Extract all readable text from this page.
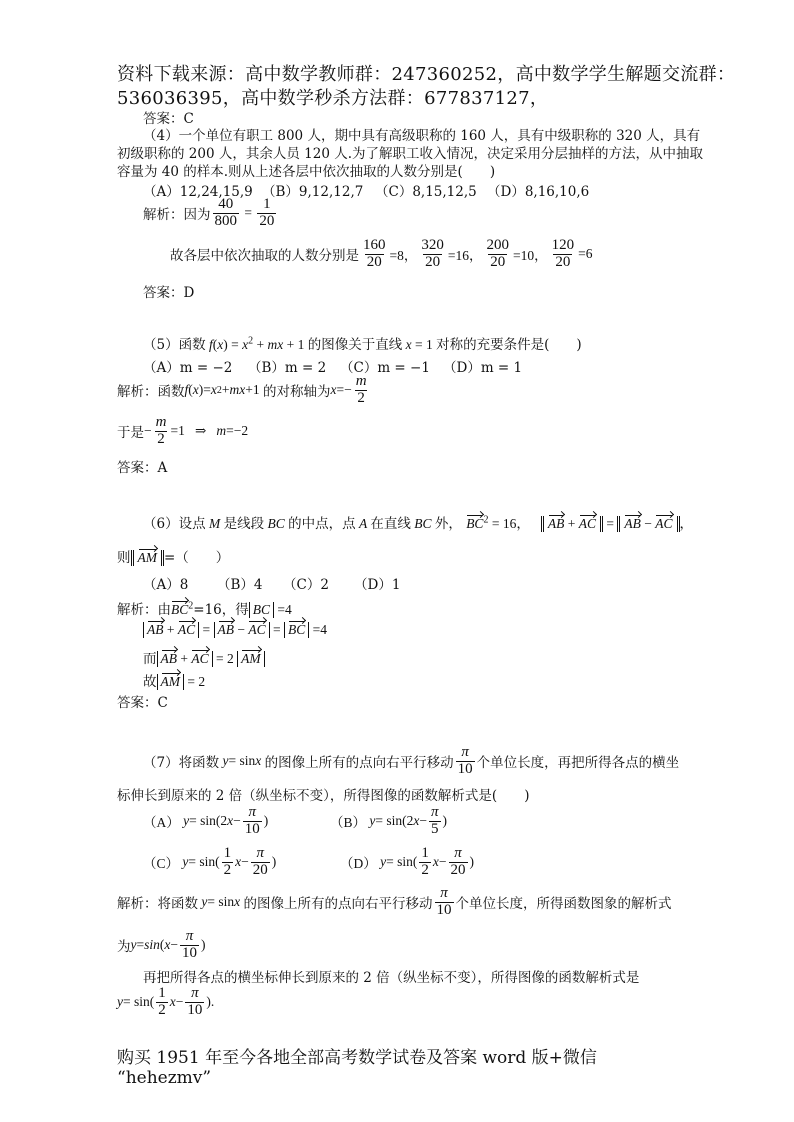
资料下载来源：高中数学教师群：247360252，高中数学学生解题交流群：
536036395，高中数学秒杀方法群：677837127，
答案：C
（4）一个单位有职工 800 人，期中具有高级职称的 160 人，具有中级职称的 320 人，具有
初级职称的 200 人，其余人员 120 人.为了解职工收入情况，决定采用分层抽样的方法，从中抽取
容量为 40 的样本.则从上述各层中依次抽取的人数分别是(　　)
（A）12,24,15,9 （B）9,12,12,7 （C）8,15,12,5 （D）8,16,10,6
解析：因为 $\frac{40}{800} = \frac{1}{20}$
故各层中依次抽取的人数分别是 $\frac{160}{20} =8$， $\frac{320}{20} =16$， $\frac{200}{20} =10$， $\frac{120}{20} =6$
答案：D
（5）函数 $f(x) = x^2$ + mx + 1 的图像关于直线 x = 1 对称的充要条件是(　　)
（A）m = −2 （B）m = 2 （C）m = −1 （D）m = 1
解析：函数 f ( x )= x 2 + mx +1 的对称轴为 $x =- \frac{m}{2}$
于是 − $\frac{m}{2} =1$   ⇒ m =−2
答案：A
（6）设点 M 是线段 BC 的中点，点 A 在直线 BC 外， $BC^2 = 16$，   AB + AC = AB − AC ，
则 AM =（　　）
（A）8 （B）4 （C）2 （D）1
解析：由$BC^2=16$，得 BC =4
AB + AC = AB − AC = BC =4
而 AB + AC = 2 AM
故 AM = 2
答案：C
（7）将函数 y = sin x 的图像上所有的点向右平行移动 $\frac{\pi}{10}$ 个单位长度，再把所得各点的横坐
标伸长到原来的 2 倍（纵坐标不变），所得图像的函数解析式是(　　)
（A） y = sin(2 $x - \frac{\pi}{10}$ )	（B） y = sin(2 $x - \frac{\pi}{5}$ )
（C） $y = \sin( \frac{1}{2}$ $x - \frac{\pi}{20}$ )	（D） $y = \sin( \frac{1}{2}$ $x - \frac{\pi}{20}$ )
解析：将函数 y = sin x 的图像上所有的点向右平行移动 $\frac{\pi}{10}$ 个单位长度，所得函数图象的解析式
为 y = sin ( $x - \frac{\pi}{10}$ )
再把所得各点的横坐标伸长到原来的 2 倍（纵坐标不变），所得图像的函数解析式是
$y = \sin( \frac{1}{2}$ $x - \frac{\pi}{10}$ ).
购买 1951 年至今各地全部高考数学试卷及答案 word 版+微信
“hehezmv”
